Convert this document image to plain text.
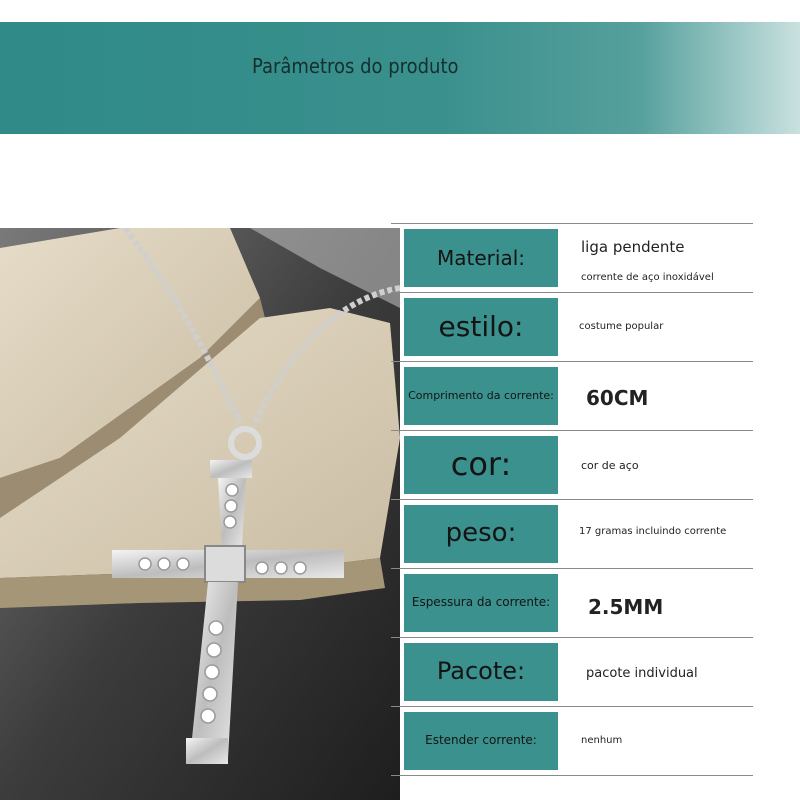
Parâmetros do produto
Material:	liga pendente
corrente de aço inoxidável
estilo:	costume popular
Comprimento da corrente: 60CM
cor:	cor de aço
peso:	17 gramas incluindo corrente
Espessura da corrente:	2.5MM
Pacote:	pacote individual
Estender corrente:	nenhum
